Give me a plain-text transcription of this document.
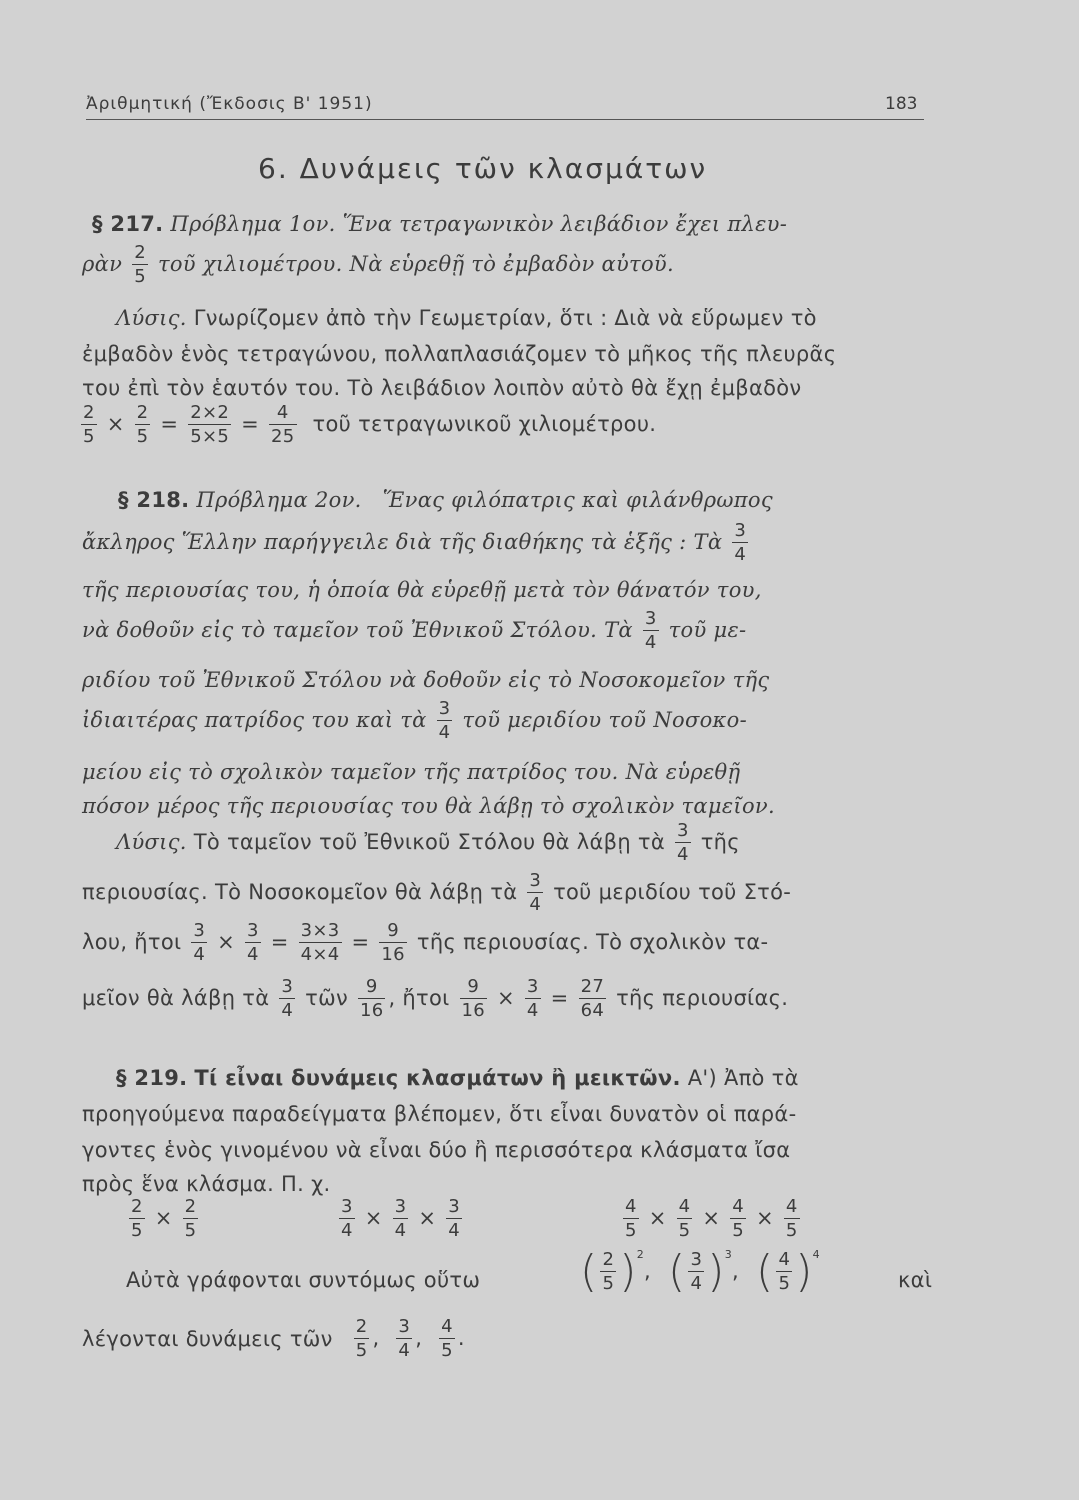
Ἀριθμητική (Ἔκδοσις Β' 1951)	183
6. Δυνάμεις τῶν κλασμάτων
§ 217. Πρόβλημα 1ον. Ἕνα τετραγωνικὸν λειβάδιον ἔχει πλευ-
ρὰν $\frac{2}{5}$ τοῦ χιλιομέτρου. Νὰ εὑρεθῇ τὸ ἐμβαδὸν αὐτοῦ.
Λύσις. Γνωρίζομεν ἀπὸ τὴν Γεωμετρίαν, ὅτι : Διὰ νὰ εὕρωμεν τὸ
ἐμβαδὸν ἑνὸς τετραγώνου, πολλαπλασιάζομεν τὸ μῆκος τῆς πλευρᾶς
του ἐπὶ τὸν ἑαυτόν του. Τὸ λειβάδιον λοιπὸν αὐτὸ θὰ ἔχῃ ἐμβαδὸν
$\frac{2}{5} \times \frac{2}{5} = \frac{2\times 2}{5\times 5} = \frac{4}{25}$ τοῦ τετραγωνικοῦ χιλιομέτρου.
§ 218. Πρόβλημα 2ον. Ἕνας φιλόπατρις καὶ φιλάνθρωπος
ἄκληρος Ἕλλην παρήγγειλε διὰ τῆς διαθήκης τὰ ἑξῆς : Τὰ $\frac{3}{4}$
τῆς περιουσίας του, ἡ ὁποία θὰ εὑρεθῇ μετὰ τὸν θάνατόν του,
νὰ δοθοῦν εἰς τὸ ταμεῖον τοῦ Ἐθνικοῦ Στόλου. Τὰ $\frac{3}{4}$ τοῦ με-
ριδίου τοῦ Ἐθνικοῦ Στόλου νὰ δοθοῦν εἰς τὸ Νοσοκομεῖον τῆς
ἰδιαιτέρας πατρίδος του καὶ τὰ $\frac{3}{4}$ τοῦ μεριδίου τοῦ Νοσοκο-
μείου εἰς τὸ σχολικὸν ταμεῖον τῆς πατρίδος του. Νὰ εὑρεθῇ
πόσον μέρος τῆς περιουσίας του θὰ λάβῃ τὸ σχολικὸν ταμεῖον.
Λύσις. Τὸ ταμεῖον τοῦ Ἐθνικοῦ Στόλου θὰ λάβῃ τὰ $\frac{3}{4}$ τῆς
περιουσίας. Τὸ Νοσοκομεῖον θὰ λάβῃ τὰ $\frac{3}{4}$ τοῦ μεριδίου τοῦ Στό-
λου, ἤτοι $\frac{3}{4} \times \frac{3}{4} = \frac{3\times 3}{4\times 4} = \frac{9}{16}$ τῆς περιουσίας. Τὸ σχολικὸν τα-
μεῖον θὰ λάβῃ τὰ $\frac{3}{4}$ τῶν $\frac{9}{16}$ , ἤτοι $\frac{9}{16} \times \frac{3}{4} = \frac{27}{64}$ τῆς περιουσίας.
§ 219. Τί εἶναι δυνάμεις κλασμάτων ἢ μεικτῶν. Α') Ἀπὸ τὰ
προηγούμενα παραδείγματα βλέπομεν, ὅτι εἶναι δυνατὸν οἱ παρά-
γοντες ἑνὸς γινομένου νὰ εἶναι δύο ἢ περισσότερα κλάσματα ἴσα
πρὸς ἕνα κλάσμα. Π. χ.
$\frac{2}{5} \times \frac{2}{5}$	$\frac{3}{4} \times \frac{3}{4} \times \frac{3}{4}$	$\frac{4}{5} \times \frac{4}{5} \times \frac{4}{5} \times \frac{4}{5}$
Αὐτὰ γράφονται συντόμως οὕτω ( $\frac{2}{5} )^2$, ( $\frac{3}{4} )^3$, ( $\frac{4}{5} )^4$
καὶ
λέγονται δυνάμεις τῶν $\frac{2}{5}$ , $\frac{3}{4}$ , $\frac{4}{5}$ .
